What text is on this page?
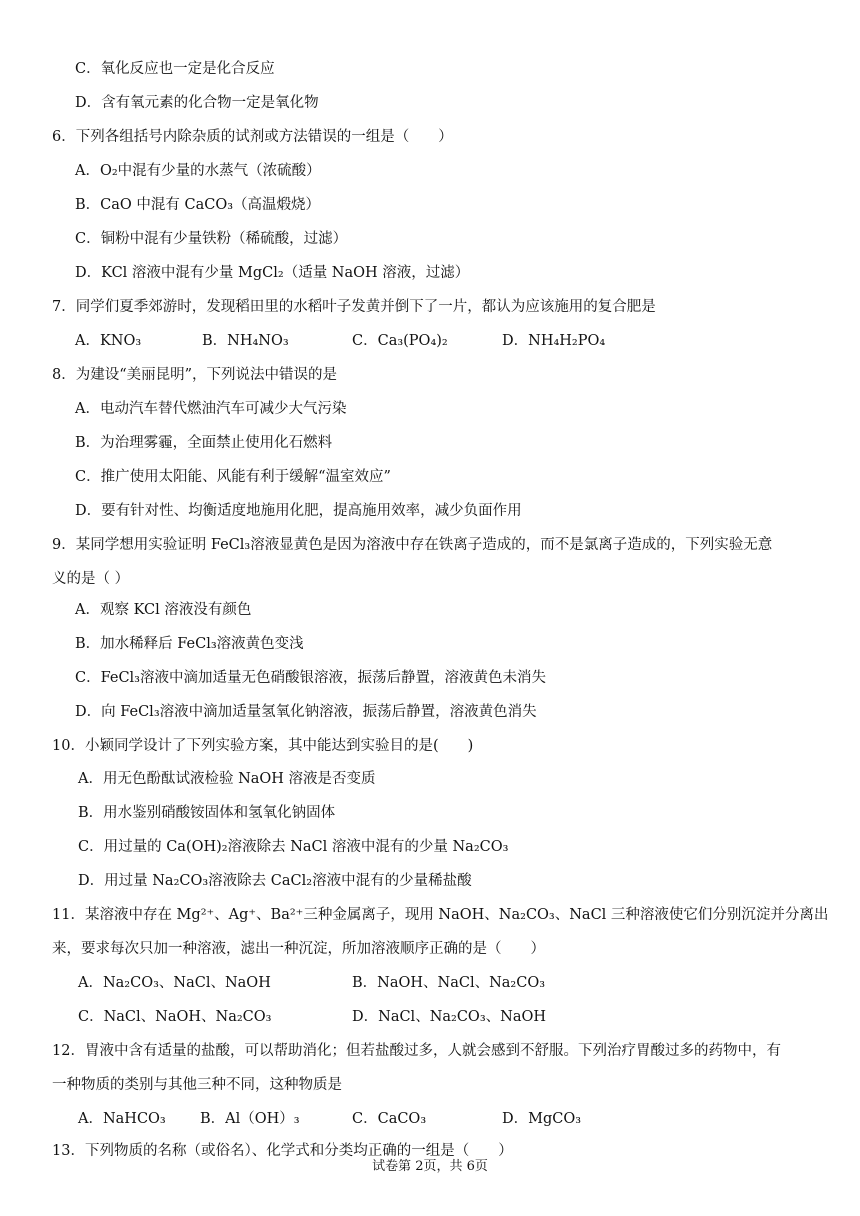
C．氧化反应也一定是化合反应
D．含有氧元素的化合物一定是氧化物
6．下列各组括号内除杂质的试剂或方法错误的一组是（　　）
A．O₂中混有少量的水蒸气（浓硫酸）
B．CaO 中混有 CaCO₃（高温煅烧）
C．铜粉中混有少量铁粉（稀硫酸，过滤）
D．KCl 溶液中混有少量 MgCl₂（适量 NaOH 溶液，过滤）
7．同学们夏季郊游时，发现稻田里的水稻叶子发黄并倒下了一片，都认为应该施用的复合肥是
A．KNO₃	B．NH₄NO₃	C．Ca₃(PO₄)₂	D．NH₄H₂PO₄
8．为建设“美丽昆明”，下列说法中错误的是
A．电动汽车替代燃油汽车可减少大气污染
B．为治理雾霾，全面禁止使用化石燃料
C．推广使用太阳能、风能有利于缓解“温室效应”
D．要有针对性、均衡适度地施用化肥，提高施用效率，减少负面作用
9．某同学想用实验证明 FeCl₃溶液显黄色是因为溶液中存在铁离子造成的，而不是氯离子造成的，下列实验无意
义的是（ ）
A．观察 KCl 溶液没有颜色
B．加水稀释后 FeCl₃溶液黄色变浅
C．FeCl₃溶液中滴加适量无色硝酸银溶液，振荡后静置，溶液黄色未消失
D．向 FeCl₃溶液中滴加适量氢氧化钠溶液，振荡后静置，溶液黄色消失
10．小颖同学设计了下列实验方案，其中能达到实验目的是(　　)
A．用无色酚酞试液检验 NaOH 溶液是否变质
B．用水鉴别硝酸铵固体和氢氧化钠固体
C．用过量的 Ca(OH)₂溶液除去 NaCl 溶液中混有的少量 Na₂CO₃
D．用过量 Na₂CO₃溶液除去 CaCl₂溶液中混有的少量稀盐酸
11．某溶液中存在 Mg²⁺、Ag⁺、Ba²⁺三种金属离子，现用 NaOH、Na₂CO₃、NaCl 三种溶液使它们分别沉淀并分离出
来，要求每次只加一种溶液，滤出一种沉淀，所加溶液顺序正确的是（　　）
A．Na₂CO₃、NaCl、NaOH	B．NaOH、NaCl、Na₂CO₃
C．NaCl、NaOH、Na₂CO₃	D．NaCl、Na₂CO₃、NaOH
12．胃液中含有适量的盐酸，可以帮助消化；但若盐酸过多，人就会感到不舒服。下列治疗胃酸过多的药物中，有
一种物质的类别与其他三种不同，这种物质是
A．NaHCO₃ B．Al（OH）₃	C．CaCO₃	D．MgCO₃
13．下列物质的名称（或俗名）、化学式和分类均正确的一组是（　　）
试卷第 2页，共 6页
